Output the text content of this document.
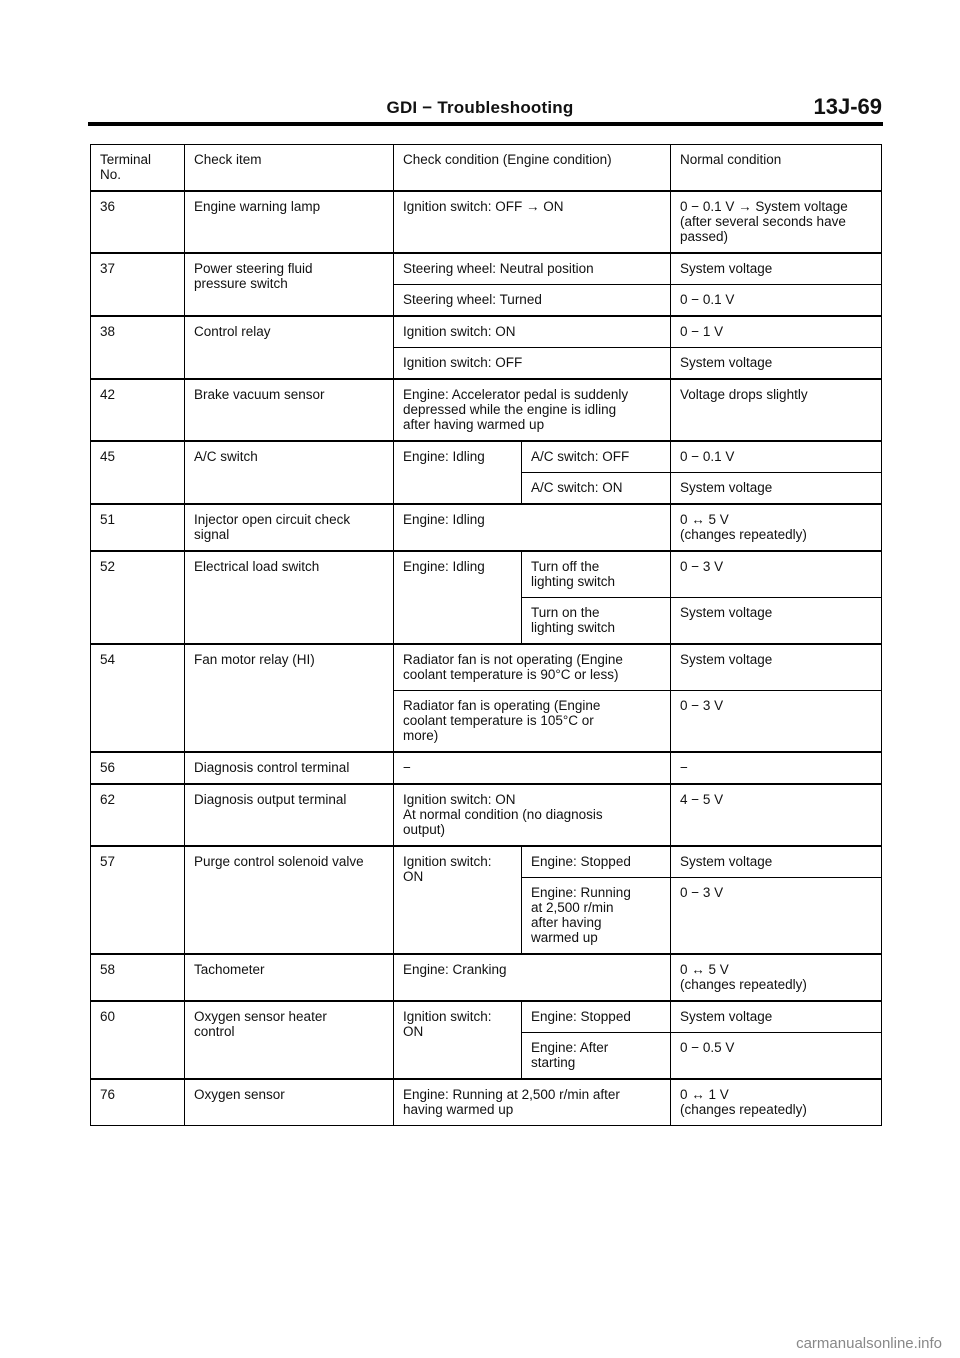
GDI − Troubleshooting	13J-69
Terminal
No.	Check item	Check condition (Engine condition)		Normal condition
36	Engine warning lamp	Ignition switch: OFF → ON		0 − 0.1 V → System voltage
(after several seconds have
passed)
37	Power steering fluid
pressure switch	Steering wheel: Neutral position		System voltage
		Steering wheel: Turned		0 − 0.1 V
38	Control relay	Ignition switch: ON		0 − 1 V
		Ignition switch: OFF		System voltage
42	Brake vacuum sensor	Engine: Accelerator pedal is suddenly
depressed while the engine is idling
after having warmed up		Voltage drops slightly
45	A/C switch	Engine: Idling	A/C switch: OFF	0 − 0.1 V
			A/C switch: ON	System voltage
51	Injector open circuit check
signal	Engine: Idling		0 ↔ 5 V
(changes repeatedly)
52	Electrical load switch	Engine: Idling	Turn off the
lighting switch	0 − 3 V
			Turn on the
lighting switch	System voltage
54	Fan motor relay (HI)	Radiator fan is not operating (Engine
coolant temperature is 90°C or less)		System voltage
		Radiator fan is operating (Engine
coolant temperature is 105°C or
more)		0 − 3 V
56	Diagnosis control terminal	−		−
62	Diagnosis output terminal	Ignition switch: ON
At normal condition (no diagnosis
output)		4 − 5 V
57	Purge control solenoid valve	Ignition switch:
ON	Engine: Stopped	System voltage
			Engine: Running
at 2,500 r/min
after having
warmed up	0 − 3 V
58	Tachometer	Engine: Cranking		0 ↔ 5 V
(changes repeatedly)
60	Oxygen sensor heater
control	Ignition switch:
ON	Engine: Stopped	System voltage
			Engine: After
starting	0 − 0.5 V
76	Oxygen sensor	Engine: Running at 2,500 r/min after
having warmed up		0 ↔ 1 V
(changes repeatedly)
carmanualsonline.info
